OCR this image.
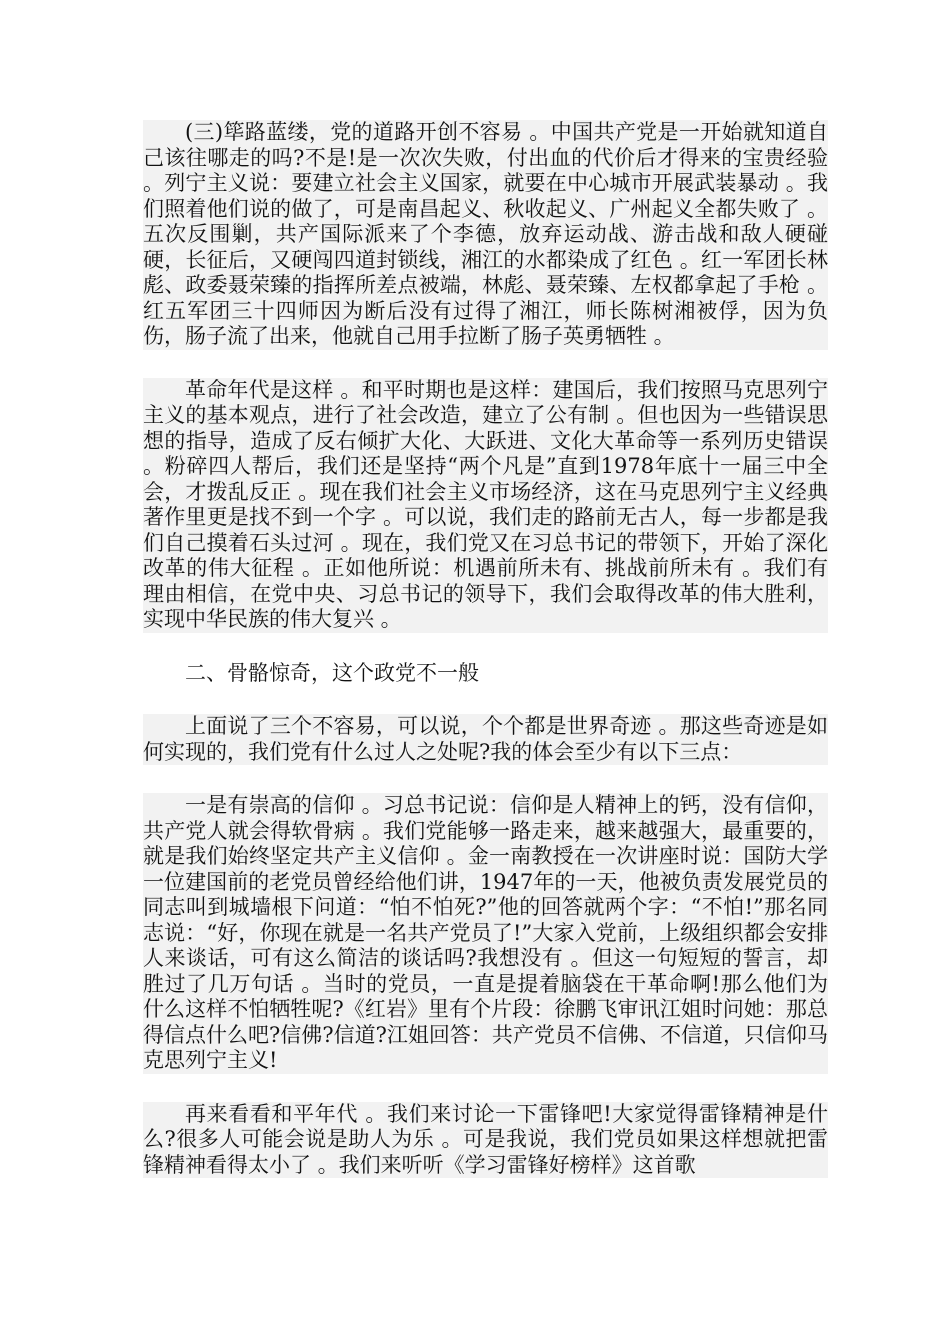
(三)筚路蓝缕，党的道路开创不容易 。中国共产党是一开始就知道自己该往哪走的吗?不是!是一次次失败，付出血的代价后才得来的宝贵经验 。列宁主义说：要建立社会主义国家，就要在中心城市开展武装暴动 。我们照着他们说的做了，可是南昌起义、秋收起义、广州起义全都失败了 。五次反围剿，共产国际派来了个李德，放弃运动战、游击战和敌人硬碰硬，长征后，又硬闯四道封锁线，湘江的水都染成了红色 。红一军团长林彪、政委聂荣臻的指挥所差点被端，林彪、聂荣臻、左权都拿起了手枪 。红五军团三十四师因为断后没有过得了湘江，师长陈树湘被俘，因为负伤，肠子流了出来，他就自己用手拉断了肠子英勇牺牲 。

革命年代是这样 。和平时期也是这样：建国后，我们按照马克思列宁主义的基本观点，进行了社会改造，建立了公有制 。但也因为一些错误思想的指导，造成了反右倾扩大化、大跃进、文化大革命等一系列历史错误 。粉碎四人帮后，我们还是坚持“两个凡是”直到1978年底十一届三中全会，才拨乱反正 。现在我们社会主义市场经济，这在马克思列宁主义经典著作里更是找不到一个字 。可以说，我们走的路前无古人，每一步都是我们自己摸着石头过河 。现在，我们党又在习总书记的带领下，开始了深化改革的伟大征程 。正如他所说：机遇前所未有、挑战前所未有 。我们有理由相信，在党中央、习总书记的领导下，我们会取得改革的伟大胜利，实现中华民族的伟大复兴 。

二、骨骼惊奇，这个政党不一般

上面说了三个不容易，可以说，个个都是世界奇迹 。那这些奇迹是如何实现的，我们党有什么过人之处呢?我的体会至少有以下三点：

一是有崇高的信仰 。习总书记说：信仰是人精神上的钙，没有信仰，共产党人就会得软骨病 。我们党能够一路走来，越来越强大，最重要的，就是我们始终坚定共产主义信仰 。金一南教授在一次讲座时说：国防大学一位建国前的老党员曾经给他们讲，1947年的一天，他被负责发展党员的同志叫到城墙根下问道：“怕不怕死?”他的回答就两个字：“不怕!”那名同志说：“好，你现在就是一名共产党员了!”大家入党前，上级组织都会安排人来谈话，可有这么简洁的谈话吗?我想没有 。但这一句短短的誓言，却胜过了几万句话 。当时的党员，一直是提着脑袋在干革命啊!那么他们为什么这样不怕牺牲呢?《红岩》里有个片段：徐鹏飞审讯江姐时问她：那总得信点什么吧?信佛?信道?江姐回答：共产党员不信佛、不信道，只信仰马克思列宁主义!

再来看看和平年代 。我们来讨论一下雷锋吧!大家觉得雷锋精神是什么?很多人可能会说是助人为乐 。可是我说，我们党员如果这样想就把雷锋精神看得太小了 。我们来听听《学习雷锋好榜样》这首歌
